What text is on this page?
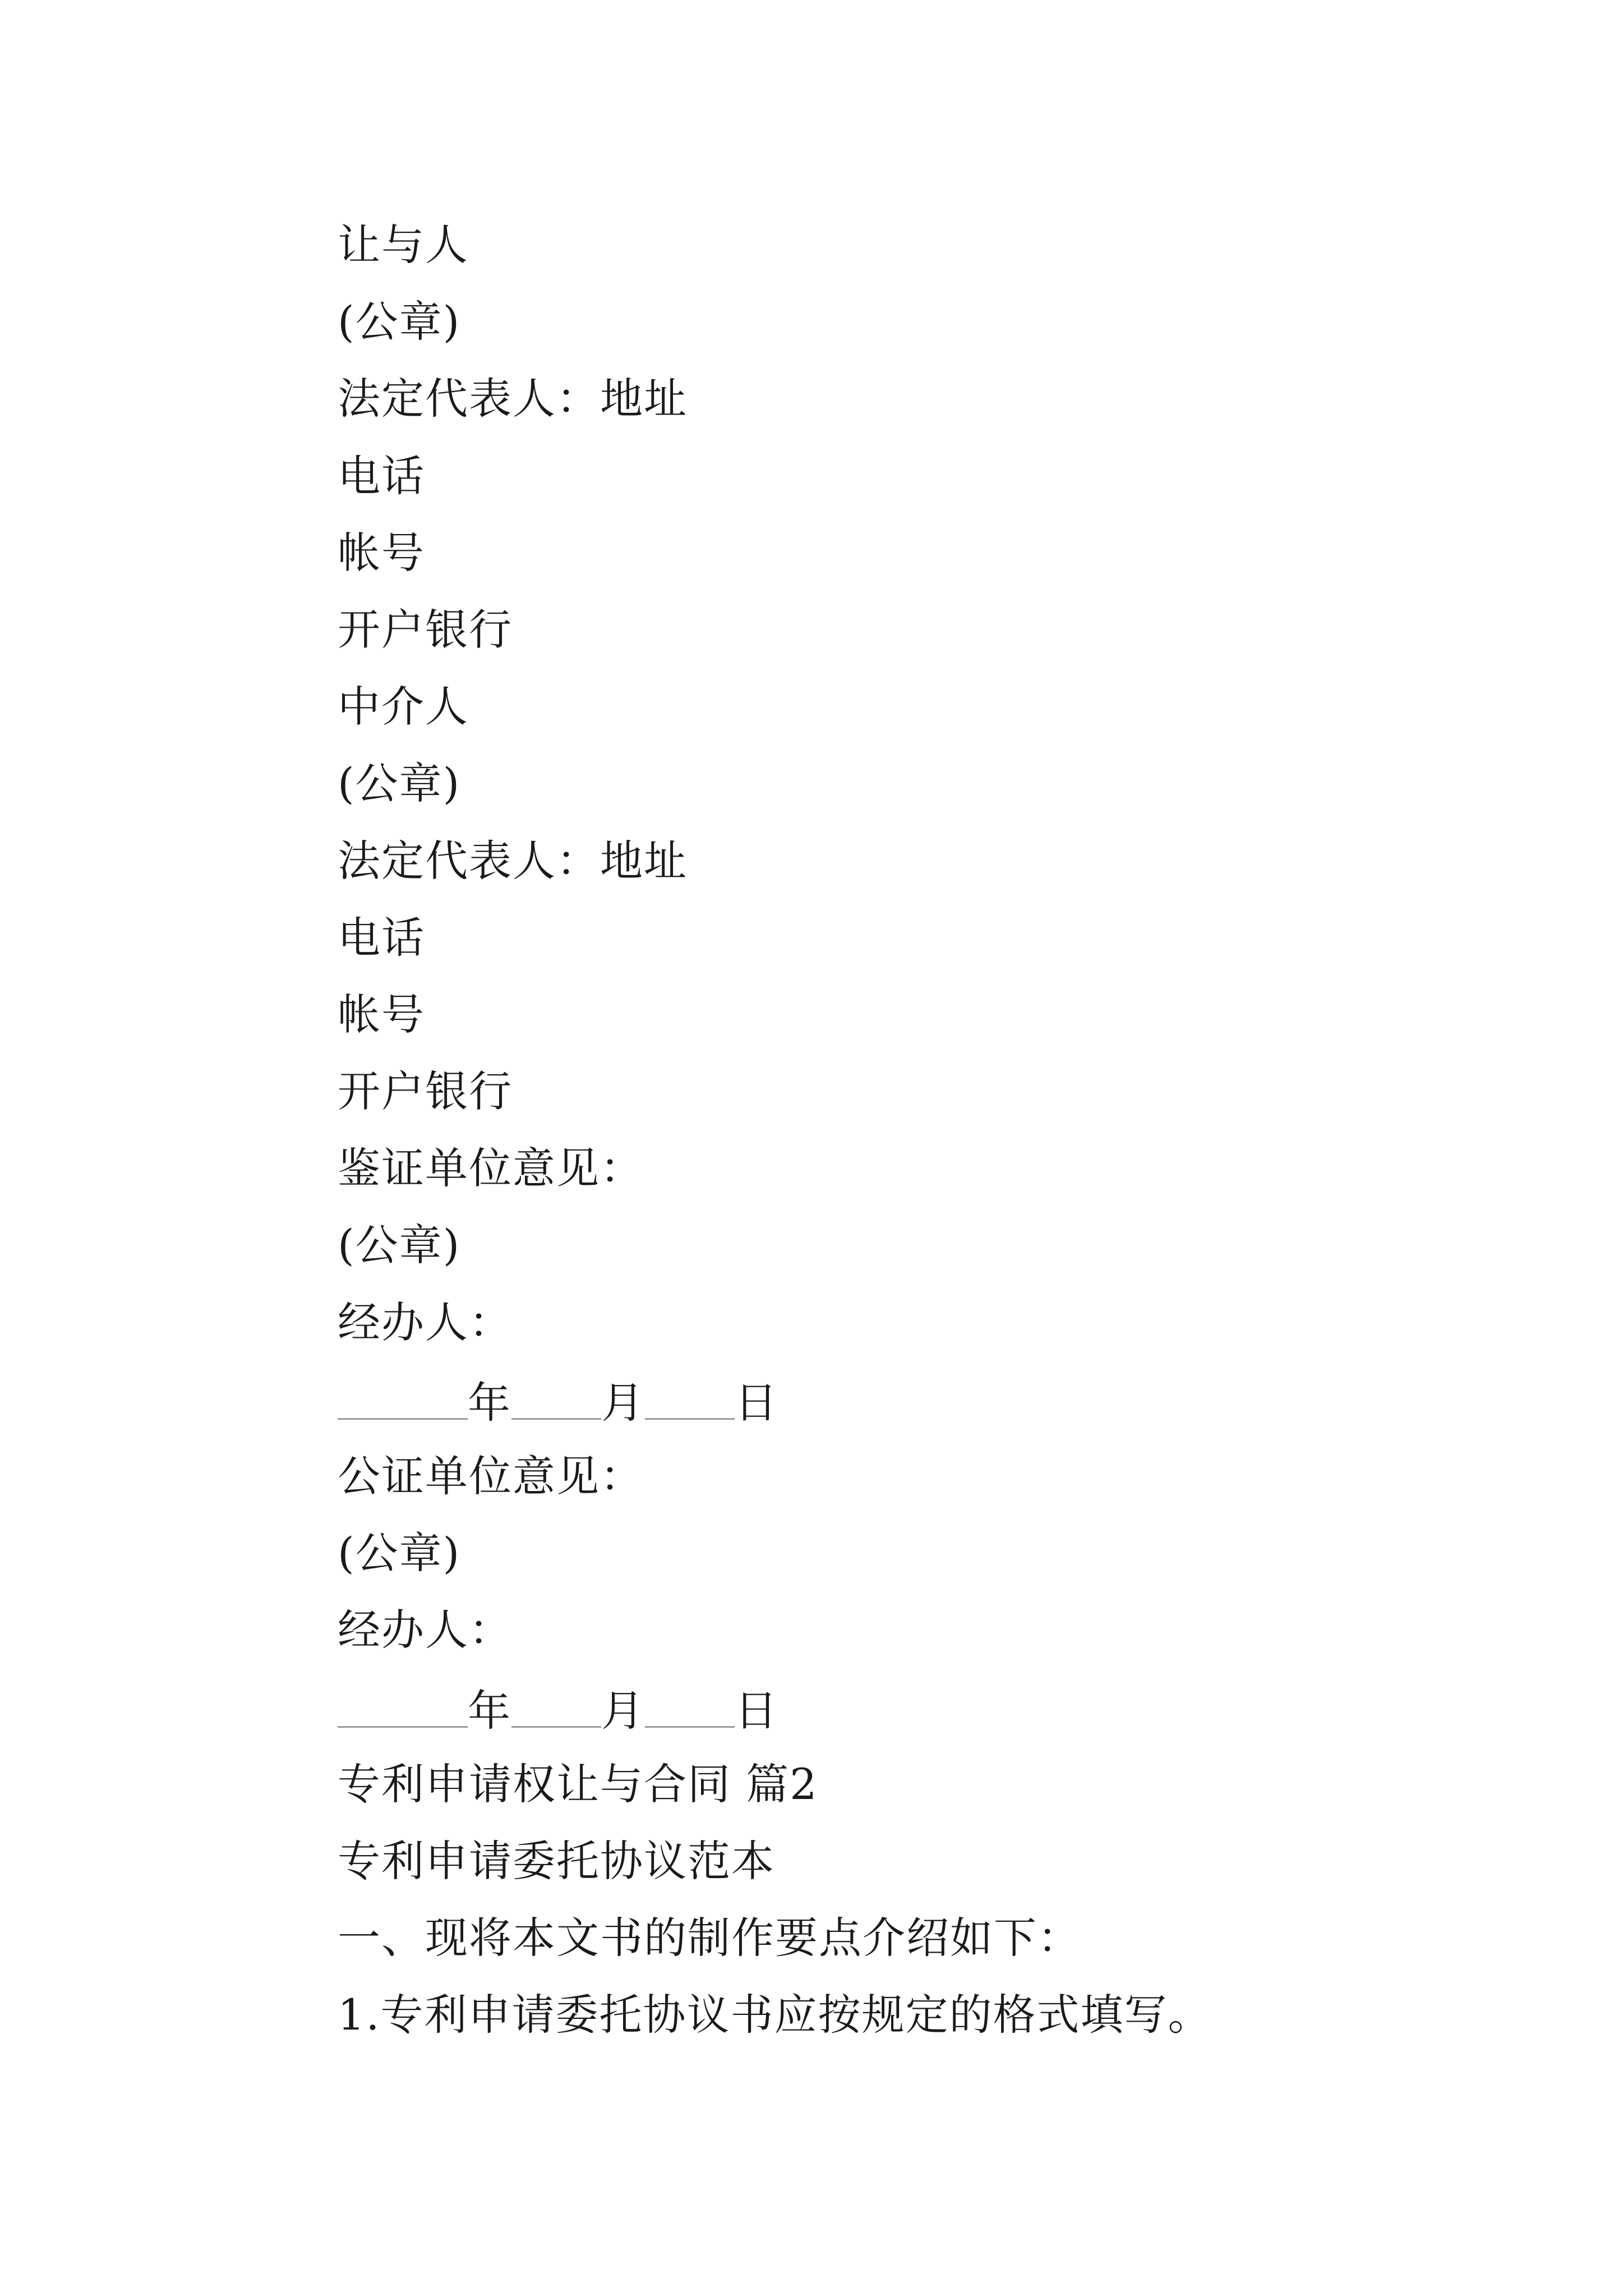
让与人
(公章)
法定代表人：地址
电话
帐号
开户银行
中介人
(公章)
法定代表人：地址
电话
帐号
开户银行
鉴证单位意见：
(公章)
经办人：
年 月 日
公证单位意见：
(公章)
经办人：
年 月 日
专利申请权让与合同 篇2
专利申请委托协议范本
一、现将本文书的制作要点介绍如下：
1.专利申请委托协议书应按规定的格式填写。
